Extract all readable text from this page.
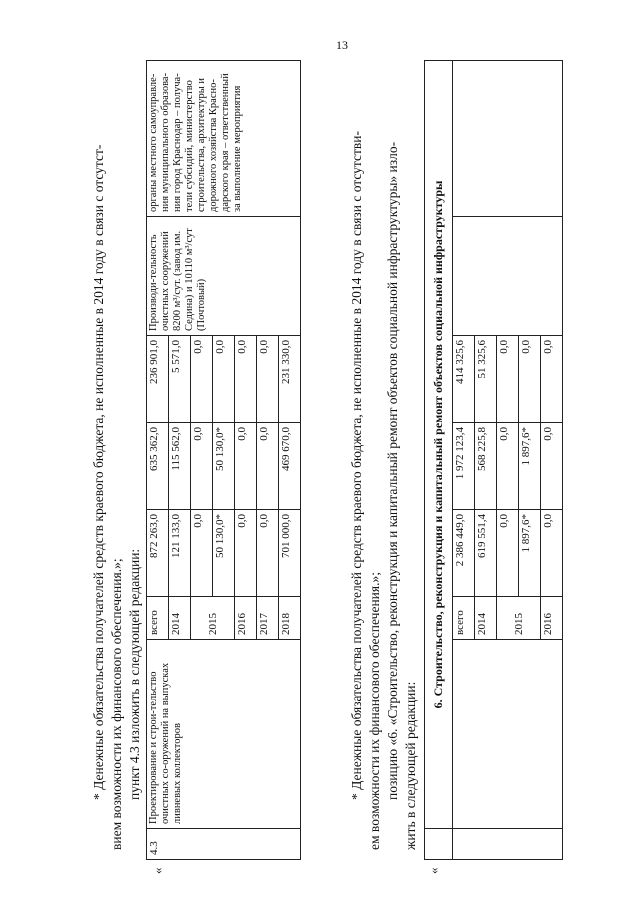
13
* Денежные обязательства получателей средств краевого бюджета, не исполненные в 2014 году в связи с отсутст- вием возможности их финансового обеспечения.»; пункт 4.3 изложить в следующей редакции:
«
4.3	Проектирование и строи-тельство очистных со-оружений на выпусках ливневых коллекторов	всего	872 263,0	635 362,0	236 901,0	Производи-тельность очистных сооружений 8200 м³/сут. (завод им. Седина) и 10110 м³/сут (Почтовый)	органы местного самоуправле-ния муниципального образова-ния город Краснодар – получа-тели субсидий, министерство строительства, архитектуры и дорожного хозяйства Красно-дарского края – ответственный за выполнение мероприятия
		2014	121 133,0	115 562,0	5 571,0		
		2015	0,0	0,0	0,0		
			50 130,0*	50 130,0*	0,0		
		2016	0,0	0,0	0,0		
		2017	0,0	0,0	0,0		
		2018	701 000,0	469 670,0	231 330,0			* Денежные обязательства получателей средств краевого бюджета, не исполненные в 2014 году в связи с отсутстви- ем возможности их финансового обеспечения.»; позицию «6. «Строительство, реконструкция и капитальный ремонт объектов социальной инфраструктуры» изло- жить в следующей редакции:
«
	6. Строительство, реконструкция и капитальный ремонт объектов социальной инфраструктуры						
		всего	2 386 449,0	1 972 123,4	414 325,6		
		2014	619 551,4	568 225,8	51 325,6		
		2015	0,0	0,0	0,0		
			1 897,6*	1 897,6*	0,0		
		2016	0,0	0,0	0,0		
